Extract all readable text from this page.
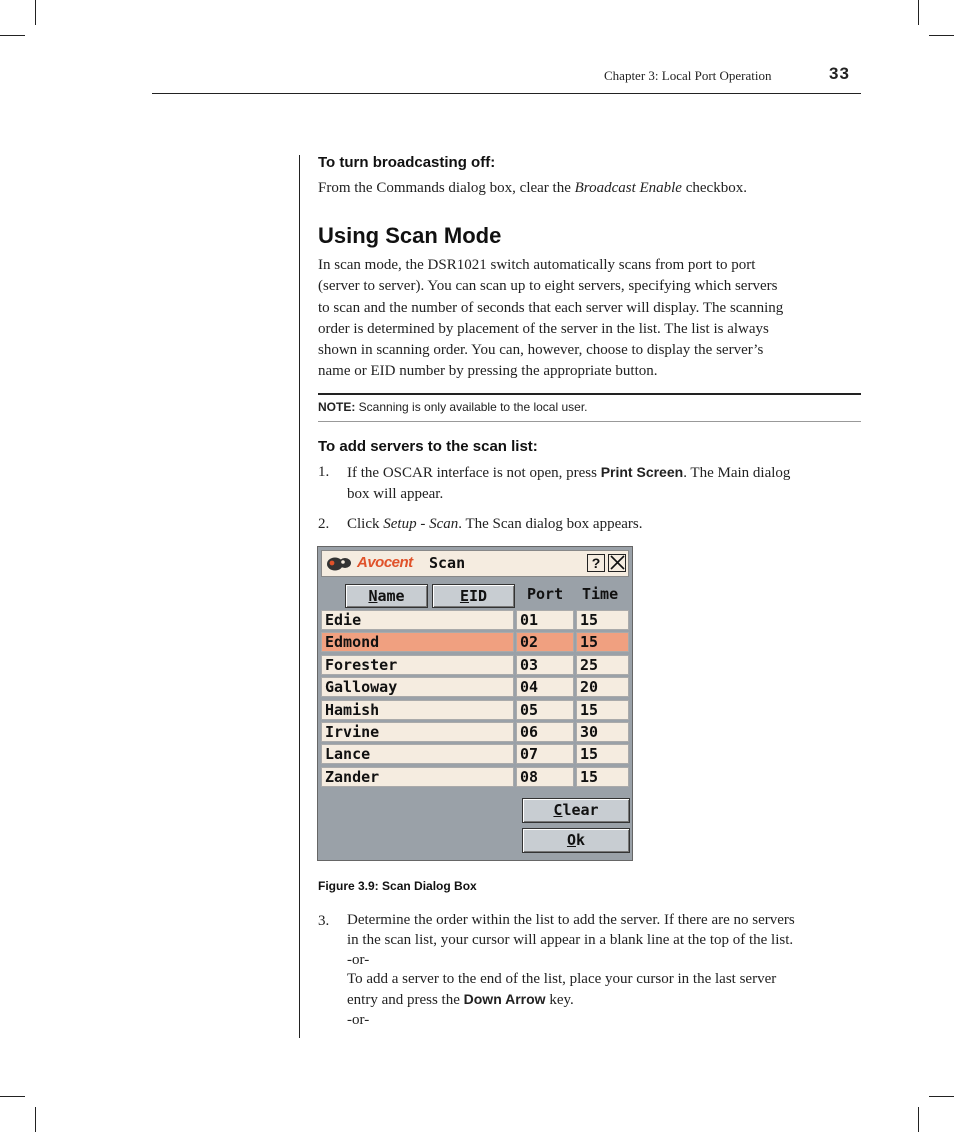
Chapter 3: Local Port Operation	33
To turn broadcasting off:
From the Commands dialog box, clear the Broadcast Enable checkbox.
Using Scan Mode
In scan mode, the DSR1021 switch automatically scans from port to port
(server to server). You can scan up to eight servers, specifying which servers
to scan and the number of seconds that each server will display. The scanning
order is determined by placement of the server in the list. The list is always
shown in scanning order. You can, however, choose to display the server’s
name or EID number by pressing the appropriate button.
NOTE: Scanning is only available to the local user.
To add servers to the scan list:
1. If the OSCAR interface is not open, press Print Screen. The Main dialog
box will appear.
2. Click Setup - Scan. The Scan dialog box appears.
Avocent Scan	?
Name	EID	Port Time
Edie	01	15
Edmond	02	15
Forester	03	25
Galloway	04	20
Hamish	05	15
Irvine	06	30
Lance	07	15
Zander	08	15
Clear
Ok
Figure 3.9: Scan Dialog Box
3. Determine the order within the list to add the server. If there are no servers
in the scan list, your cursor will appear in a blank line at the top of the list.
-or-
To add a server to the end of the list, place your cursor in the last server
entry and press the Down Arrow key.
-or-
